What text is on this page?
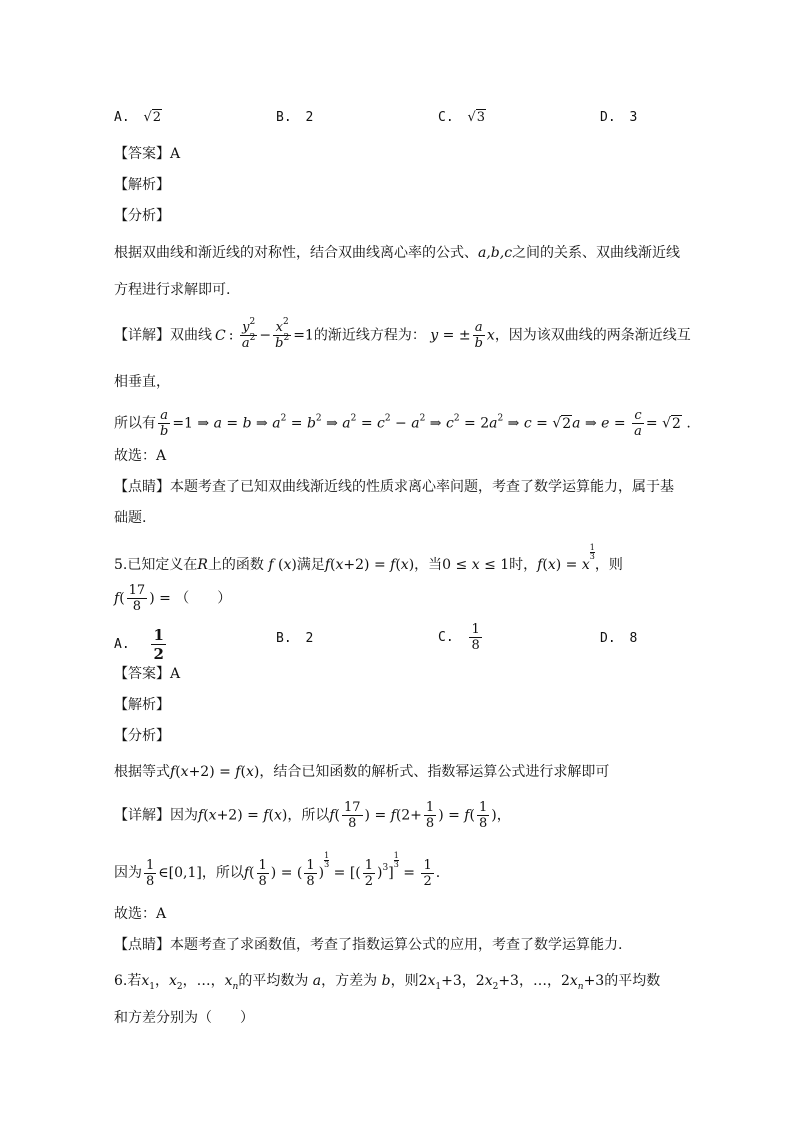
A. √2	B. 2	C. √3	D. 3
【答案】A
【解析】
【分析】
根据双曲线和渐近线的对称性，结合双曲线离心率的公式、a,b,c之间的关系、双曲线渐近线
方程进行求解即可.
【详解】双曲线 C : $\frac{y^2}{a^2} - \frac{x^2}{b^2} =1$的渐近线方程为： y = ± $\frac{a}{b}$ x，因为该双曲线的两条渐近线互
相垂直，
所以有 $\frac{a}{b} =1$ ⇒ a = b ⇒ $a^2 = b^2$ ⇒ $a^2 = c^2 - a^2$ ⇒ $c^2 = 2a^2$ ⇒ c = √2a ⇒ $e = \frac{c}{a} = √2$ .
故选：A
【点睛】本题考查了已知双曲线渐近线的性质求离心率问题，考查了数学运算能力，属于基
础题.
5.已知定义在R上的函数 f (x)满足f(x+2) = f(x)，当0 ≤ x ≤ 1时，f(x) = x
$\frac{1}{3}$
，则
$f( \frac{17}{8}$ ) = （　　）
A. $\frac{1}{2}$	B. 2	C. $\frac{1}{8}$	D. 8
【答案】A
【解析】
【分析】
根据等式f(x+2) = f(x)，结合已知函数的解析式、指数幂运算公式进行求解即可
【详解】因为f(x+2) = f(x)，所以$f( \frac{17}{8}$ ) = $f(2+ \frac{1}{8}$ ) = $f( \frac{1}{8}$ )，
因为 $\frac{1}{8}$ ∈[0,1]，所以$f( \frac{1}{8}$ ) = ( $\frac{1}{8}$ )
$\frac{1}{3}$
= [( $\frac{1}{2} )^3$]
$\frac{1}{3}$
= $\frac{1}{2}$ .
故选：A
【点睛】本题考查了求函数值，考查了指数运算公式的应用，考查了数学运算能力.
6.若$x_1$，$x_2$，…，$x_n$的平均数为 a，方差为 b，则$2x_1+3$，$2x_2+3$，…，$2x_n+3$的平均数
和方差分别为（　　）
